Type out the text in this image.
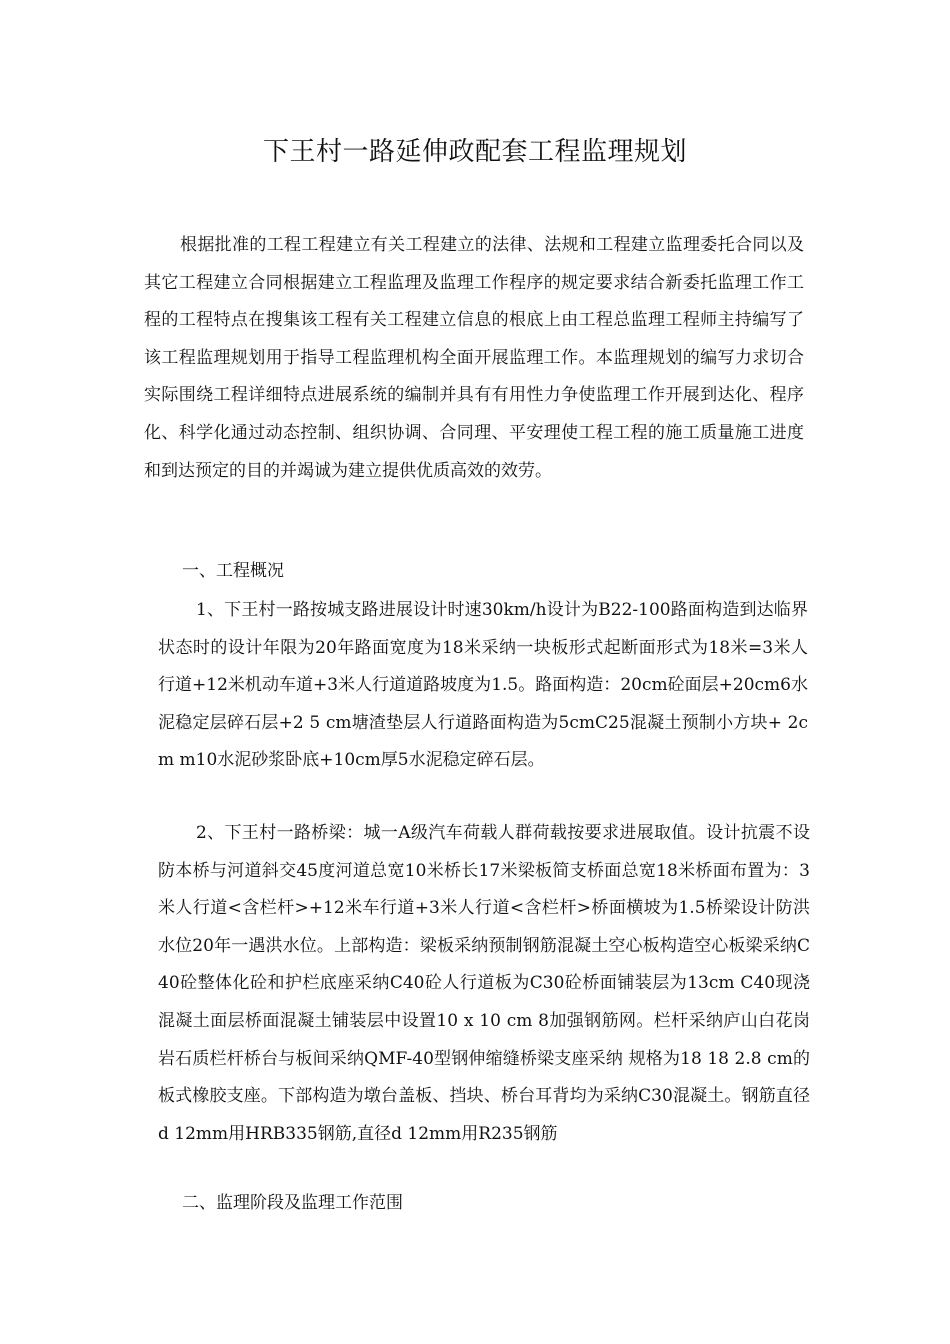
下王村一路延伸政配套工程监理规划

根据批准的工程工程建立有关工程建立的法律、法规和工程建立监理委托合同以及其它工程建立合同根据建立工程监理及监理工作程序的规定要求结合新委托监理工作工程的工程特点在搜集该工程有关工程建立信息的根底上由工程总监理工程师主持编写了该工程监理规划用于指导工程监理机构全面开展监理工作。本监理规划的编写力求切合实际围绕工程详细特点进展系统的编制并具有有用性力争使监理工作开展到达化、程序化、科学化通过动态控制、组织协调、合同理、平安理使工程工程的施工质量施工进度和到达预定的目的并竭诚为建立提供优质高效的效劳。

一、工程概况

1、下王村一路按城支路进展设计时速30km/h设计为B22-100路面构造到达临界状态时的设计年限为20年路面宽度为18米采纳一块板形式起断面形式为18米=3米人行道+12米机动车道+3米人行道道路坡度为1.5。路面构造：20cm砼面层+20cm6水泥稳定层碎石层+2 5 cm塘渣垫层人行道路面构造为5cmC25混凝土预制小方块+ 2cm m10水泥砂浆卧底+10cm厚5水泥稳定碎石层。

2、下王村一路桥梁：城一A级汽车荷载人群荷载按要求进展取值。设计抗震不设防本桥与河道斜交45度河道总宽10米桥长17米梁板简支桥面总宽18米桥面布置为：3米人行道<含栏杆>+12米车行道+3米人行道<含栏杆>桥面横坡为1.5桥梁设计防洪水位20年一遇洪水位。上部构造：梁板采纳预制钢筋混凝土空心板构造空心板梁采纳C40砼整体化砼和护栏底座采纳C40砼人行道板为C30砼桥面铺装层为13cm C40现浇混凝土面层桥面混凝土铺装层中设置10 x 10 cm 8加强钢筋网。栏杆采纳庐山白花岗岩石质栏杆桥台与板间采纳QMF-40型钢伸缩缝桥梁支座采纳 规格为18 18 2.8 cm的板式橡胶支座。下部构造为墩台盖板、挡块、桥台耳背均为采纳C30混凝土。钢筋直径d 12mm用HRB335钢筋,直径d 12mm用R235钢筋

二、监理阶段及监理工作范围
